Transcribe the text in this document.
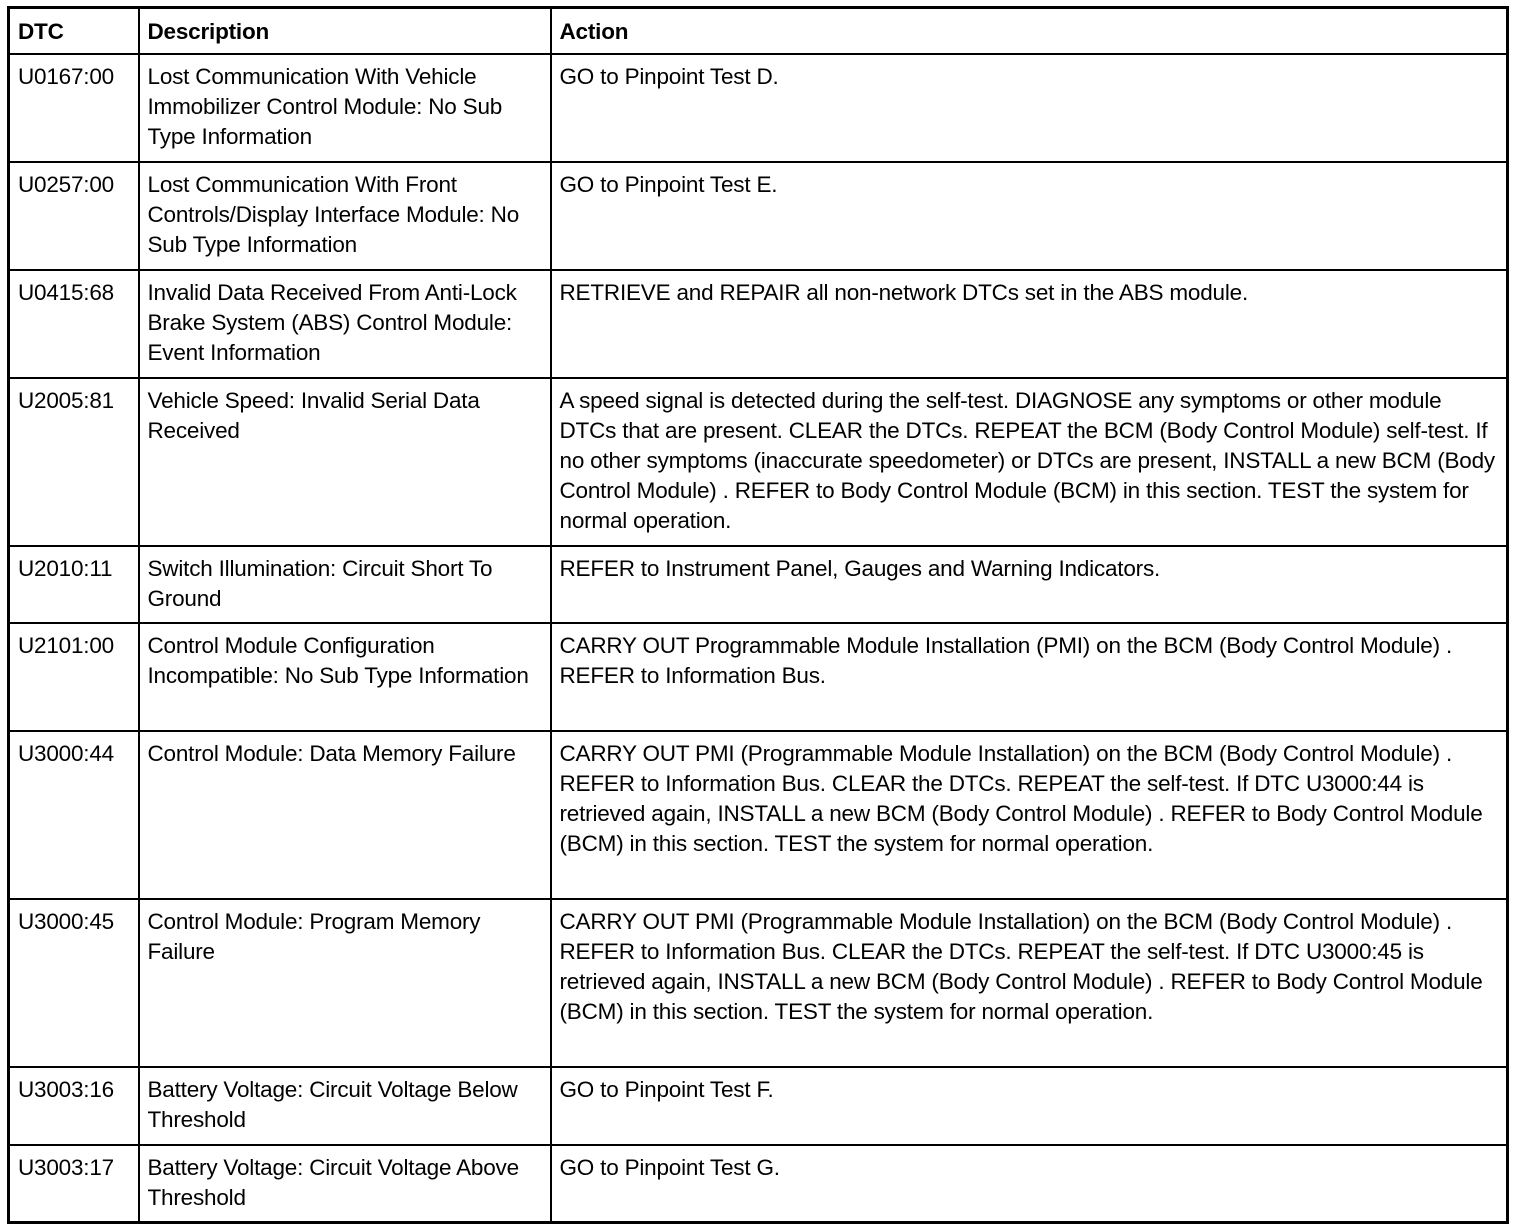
DTC	Description	Action
U0167:00	Lost Communication With Vehicle Immobilizer Control Module: No Sub Type Information	GO to Pinpoint Test D.
U0257:00	Lost Communication With Front Controls/Display Interface Module: No Sub Type Information	GO to Pinpoint Test E.
U0415:68	Invalid Data Received From Anti-Lock Brake System (ABS) Control Module: Event Information	RETRIEVE and REPAIR all non-network DTCs set in the ABS module.
U2005:81	Vehicle Speed: Invalid Serial Data Received	A speed signal is detected during the self-test. DIAGNOSE any symptoms or other module DTCs that are present. CLEAR the DTCs. REPEAT the BCM (Body Control Module) self-test. If no other symptoms (inaccurate speedometer) or DTCs are present, INSTALL a new BCM (Body Control Module) . REFER to Body Control Module (BCM) in this section. TEST the system for normal operation.
U2010:11	Switch Illumination: Circuit Short To Ground	REFER to Instrument Panel, Gauges and Warning Indicators.
U2101:00	Control Module Configuration Incompatible: No Sub Type Information	CARRY OUT Programmable Module Installation (PMI) on the BCM (Body Control Module) . REFER to Information Bus.
U3000:44	Control Module: Data Memory Failure	CARRY OUT PMI (Programmable Module Installation) on the BCM (Body Control Module) . REFER to Information Bus. CLEAR the DTCs. REPEAT the self-test. If DTC U3000:44 is retrieved again, INSTALL a new BCM (Body Control Module) . REFER to Body Control Module (BCM) in this section. TEST the system for normal operation.
U3000:45	Control Module: Program Memory Failure	CARRY OUT PMI (Programmable Module Installation) on the BCM (Body Control Module) . REFER to Information Bus. CLEAR the DTCs. REPEAT the self-test. If DTC U3000:45 is retrieved again, INSTALL a new BCM (Body Control Module) . REFER to Body Control Module (BCM) in this section. TEST the system for normal operation.
U3003:16	Battery Voltage: Circuit Voltage Below Threshold	GO to Pinpoint Test F.
U3003:17	Battery Voltage: Circuit Voltage Above Threshold	GO to Pinpoint Test G.
